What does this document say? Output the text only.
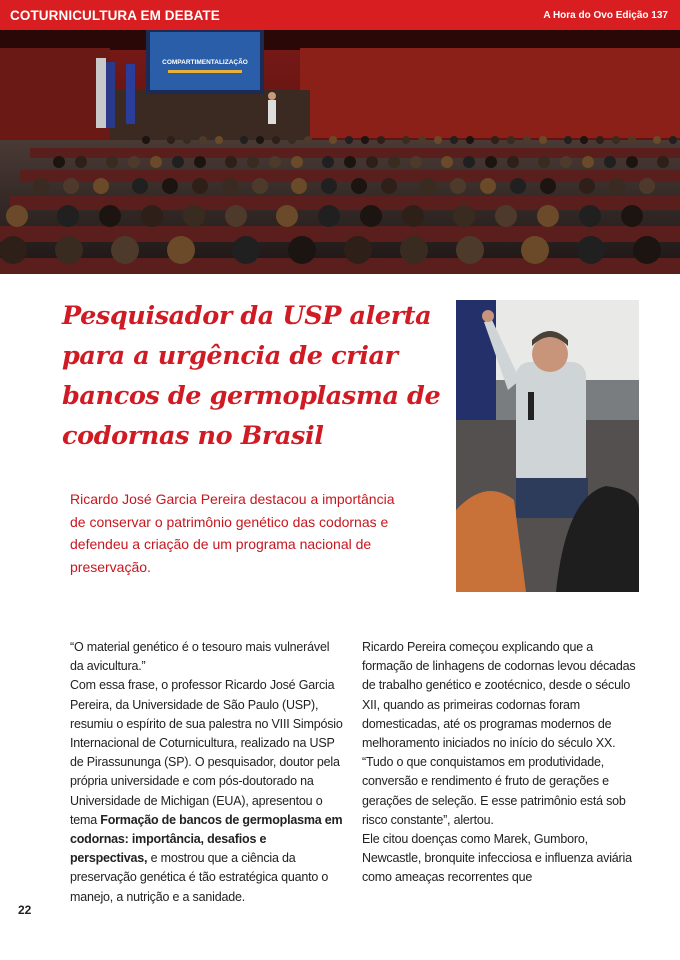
COTURNICULTURA EM DEBATE	A Hora do Ovo Edição 137
COMPARTIMENTALIZAÇÃO
Pesquisador da USP alerta para a urgência de criar bancos de germoplasma de codornas no Brasil

Ricardo José Garcia Pereira destacou a importância de conservar o patrimônio genético das codornas e defendeu a criação de um programa nacional de preservação.

“O material genético é o tesouro mais vulnerável da avicultura.”

Com essa frase, o professor Ricardo José Garcia Pereira, da Universidade de São Paulo (USP), resumiu o espírito de sua palestra no VIII Simpósio Internacional de Coturnicultura, realizado na USP de Pirassununga (SP). O pesquisador, doutor pela própria universidade e com pós-doutorado na Universidade de Michigan (EUA), apresentou o tema Formação de bancos de germoplasma em codornas: importância, desafios e perspectivas, e mostrou que a ciência da preservação genética é tão estratégica quanto o manejo, a nutrição e a sanidade.

Ricardo Pereira começou explicando que a formação de linhagens de codornas levou décadas de trabalho genético e zootécnico, desde o século XII, quando as primeiras codornas foram domesticadas, até os programas modernos de melhoramento iniciados no início do século XX.

“Tudo o que conquistamos em produtividade, conversão e rendimento é fruto de gerações e gerações de seleção. E esse patrimônio está sob risco constante”, alertou.

Ele citou doenças como Marek, Gumboro, Newcastle, bronquite infecciosa e influenza aviária como ameaças recorrentes que

22
